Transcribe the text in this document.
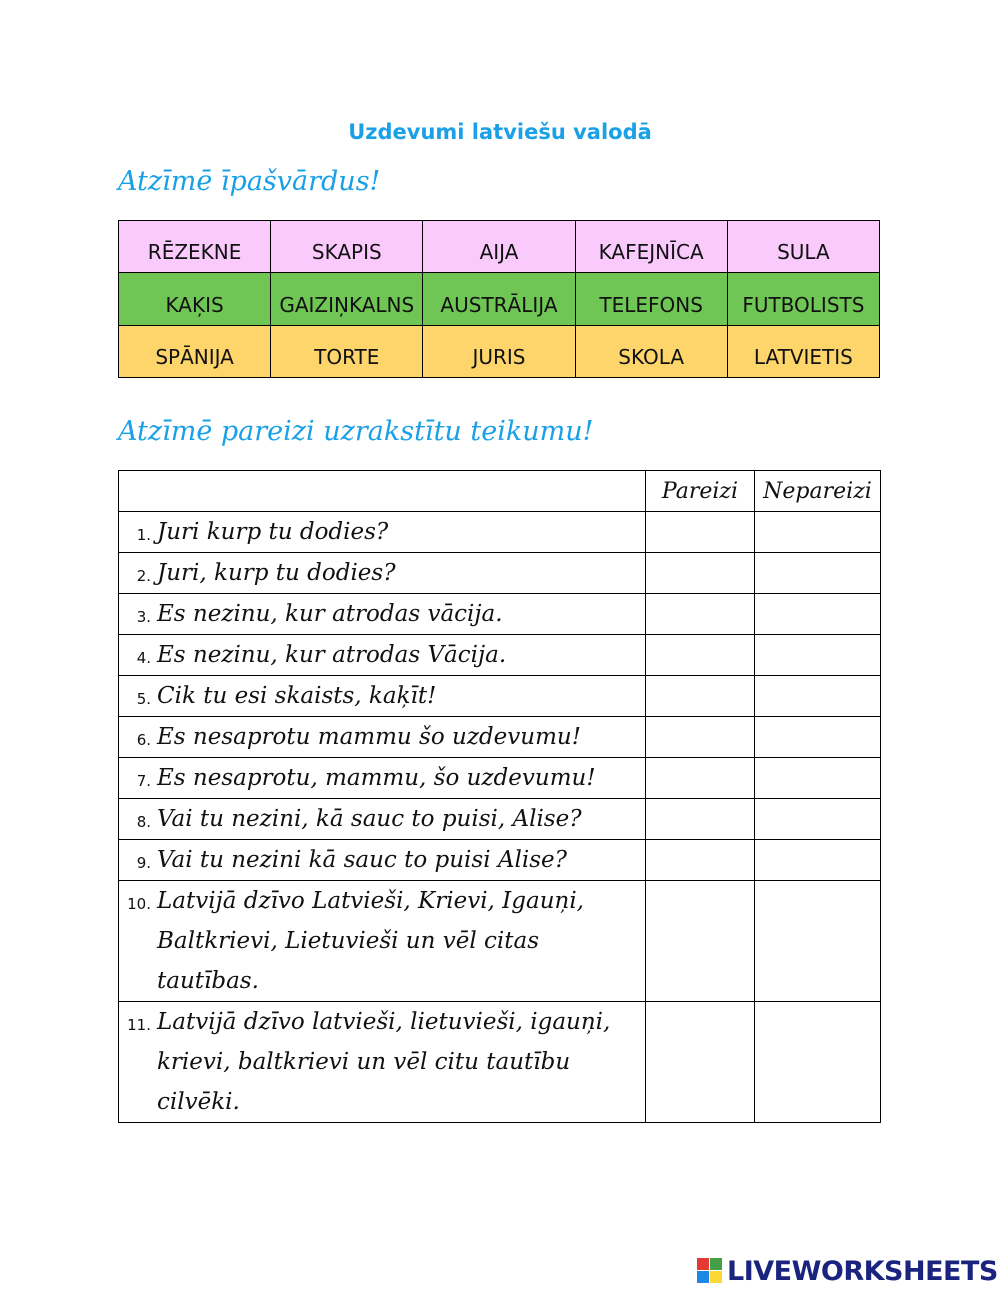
Uzdevumi latviešu valodā
Atzīmē īpašvārdus!
RĒZEKNE	SKAPIS	AIJA	KAFEJNĪCA	SULA
KAĶIS	GAIZIŅKALNS	AUSTRĀLIJA	TELEFONS	FUTBOLISTS
SPĀNIJA	TORTE	JURIS	SKOLA	LATVIETIS
Atzīmē pareizi uzrakstītu teikumu!
	Pareizi	Nepareizi
1. Juri kurp tu dodies?		
2. Juri, kurp tu dodies?		
3. Es nezinu, kur atrodas vācija.		
4. Es nezinu, kur atrodas Vācija.		
5. Cik tu esi skaists, kaķīt!		
6. Es nesaprotu mammu šo uzdevumu!		
7. Es nesaprotu, mammu, šo uzdevumu!		
8. Vai tu nezini, kā sauc to puisi, Alise?		
9. Vai tu nezini kā sauc to puisi Alise?		
10. Latvijā dzīvo Latvieši, Krievi, Igauņi, Baltkrievi, Lietuvieši un vēl citas tautības.		
11. Latvijā dzīvo latvieši, lietuvieši, igauņi, krievi, baltkrievi un vēl citu tautību cilvēki.		
LIVEWORKSHEETS
